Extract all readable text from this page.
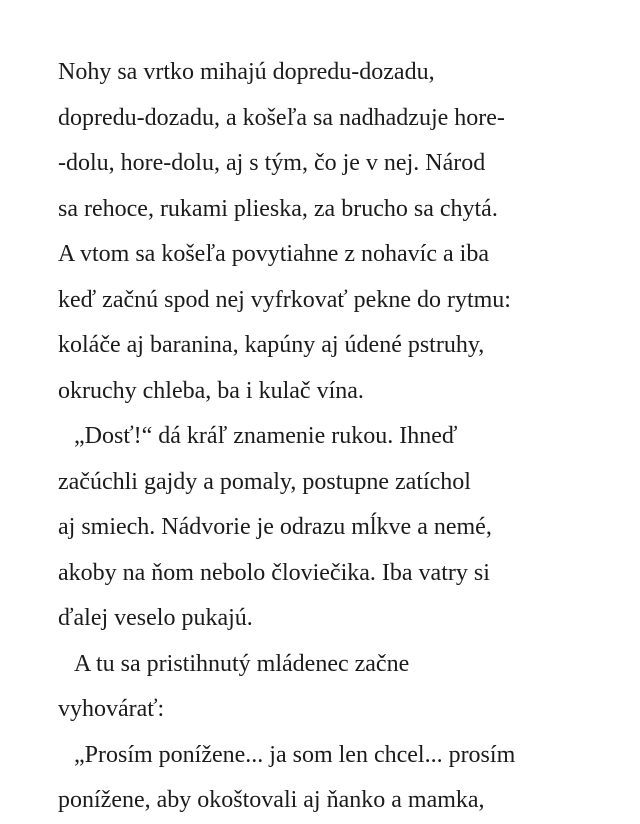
Nohy sa vrtko mihajú dopredu-dozadu,
dopredu-dozadu, a košeľa sa nadhadzuje hore-
-dolu, hore-dolu, aj s tým, čo je v nej. Národ
sa rehoce, rukami plieska, za brucho sa chytá.
A vtom sa košeľa povytiahne z nohavíc a iba
keď začnú spod nej vyfrkovať pekne do rytmu:
koláče aj baranina, kapúny aj údené pstruhy,
okruchy chleba, ba i kulač vína.
„Dosť!“ dá kráľ znamenie rukou. Ihneď
začúchli gajdy a pomaly, postupne zatíchol
aj smiech. Nádvorie je odrazu mĺkve a nemé,
akoby na ňom nebolo človiečika. Iba vatry si
ďalej veselo pukajú.
A tu sa pristihnutý mládenec začne
vyhovárať:
„Prosím poníženе... ja som len chcel... prosím
poníženе, aby okoštovali aj ňanko a mamka,
